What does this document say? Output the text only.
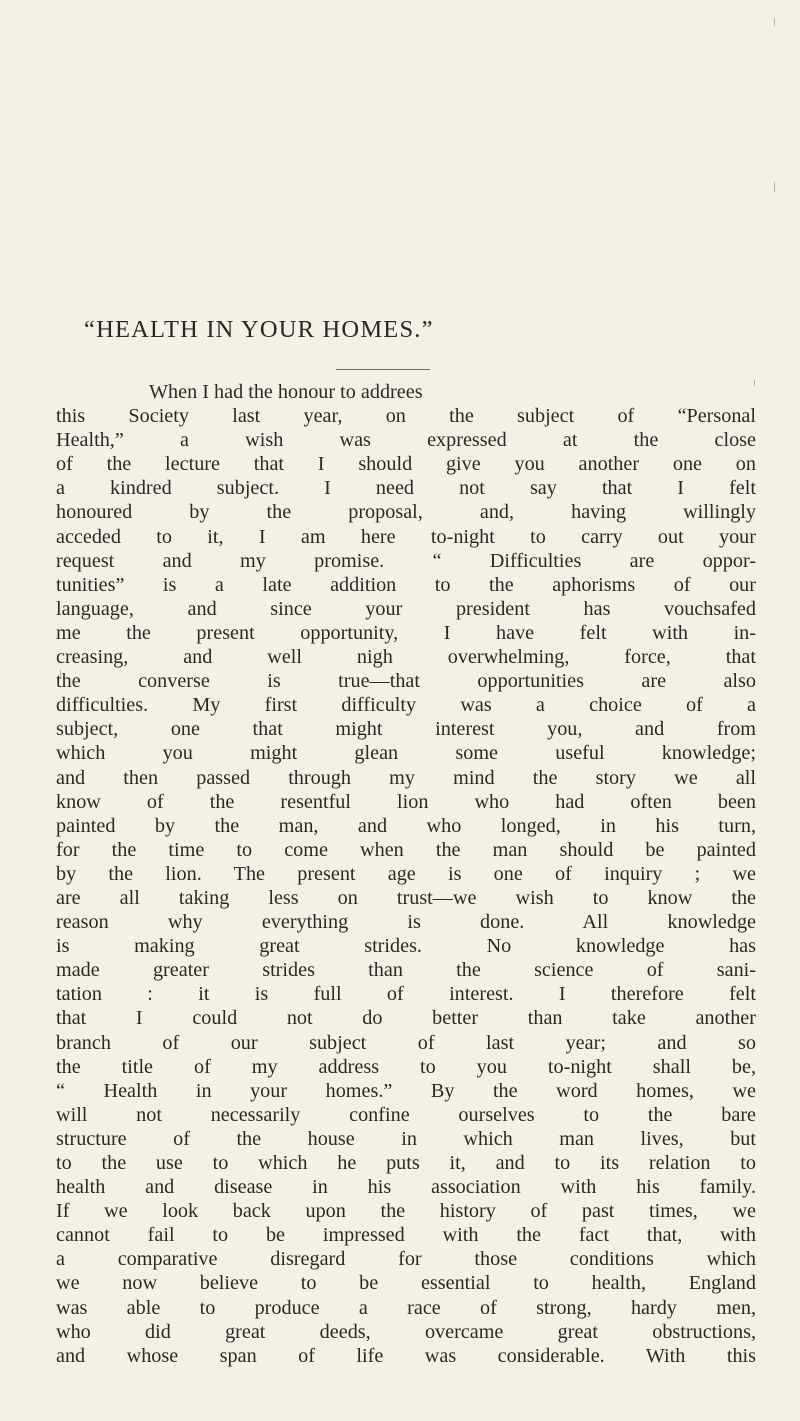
“HEALTH IN YOUR HOMES.”
When I had the honour to addrees
this Society last year, on the subject of “Personal
Health,” a wish was expressed at the close
of the lecture that I should give you another one on
a kindred subject. I need not say that I felt
honoured by the proposal, and, having willingly
acceded to it, I am here to-night to carry out your
request and my promise. “ Difficulties are oppor-
tunities” is a late addition to the aphorisms of our
language, and since your president has vouchsafed
me the present opportunity, I have felt with in-
creasing, and well nigh overwhelming, force, that
the converse is true—that opportunities are also
difficulties. My first difficulty was a choice of a
subject, one that might interest you, and from
which you might glean some useful knowledge;
and then passed through my mind the story we all
know of the resentful lion who had often been
painted by the man, and who longed, in his turn,
for the time to come when the man should be painted
by the lion. The present age is one of inquiry ; we
are all taking less on trust—we wish to know the
reason why everything is done. All knowledge
is making great strides. No knowledge has
made greater strides than the science of sani-
tation : it is full of interest. I therefore felt
that I could not do better than take another
branch of our subject of last year; and so
the title of my address to you to-night shall be,
“ Health in your homes.” By the word homes, we
will not necessarily confine ourselves to the bare
structure of the house in which man lives, but
to the use to which he puts it, and to its relation to
health and disease in his association with his family.
If we look back upon the history of past times, we
cannot fail to be impressed with the fact that, with
a comparative disregard for those conditions which
we now believe to be essential to health, England
was able to produce a race of strong, hardy men,
who did great deeds, overcame great obstructions,
and whose span of life was considerable. With this
